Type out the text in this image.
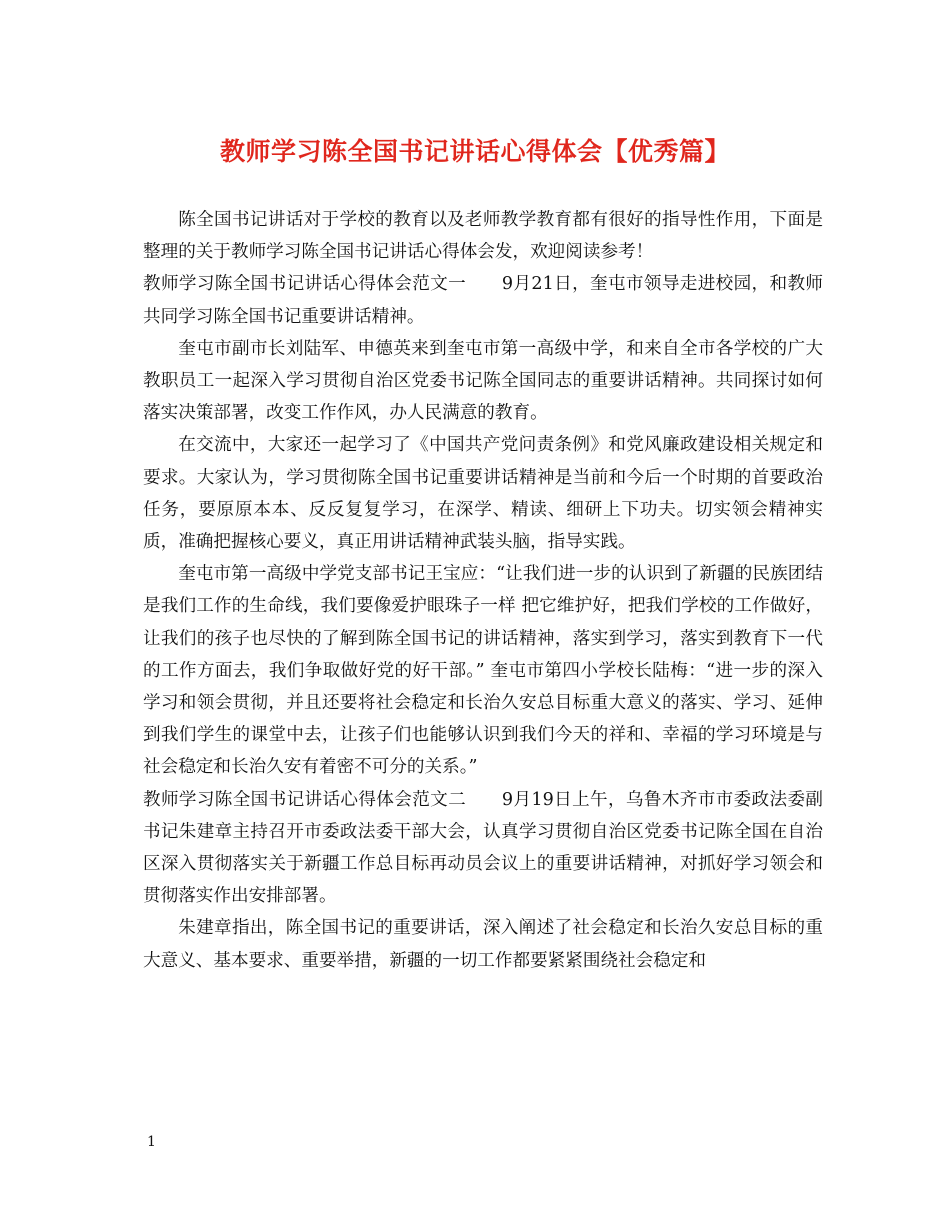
教师学习陈全国书记讲话心得体会【优秀篇】

陈全国书记讲话对于学校的教育以及老师教学教育都有很好的指导性作用，下面是整理的关于教师学习陈全国书记讲话心得体会发，欢迎阅读参考！

教师学习陈全国书记讲话心得体会范文一　　9月21日，奎屯市领导走进校园，和教师共同学习陈全国书记重要讲话精神。

奎屯市副市长刘陆军、申德英来到奎屯市第一高级中学，和来自全市各学校的广大教职员工一起深入学习贯彻自治区党委书记陈全国同志的重要讲话精神。共同探讨如何落实决策部署，改变工作作风，办人民满意的教育。

在交流中，大家还一起学习了《中国共产党问责条例》和党风廉政建设相关规定和要求。大家认为，学习贯彻陈全国书记重要讲话精神是当前和今后一个时期的首要政治任务，要原原本本、反反复复学习，在深学、精读、细研上下功夫。切实领会精神实质，准确把握核心要义，真正用讲话精神武装头脑，指导实践。

奎屯市第一高级中学党支部书记王宝应：“让我们进一步的认识到了新疆的民族团结是我们工作的生命线，我们要像爱护眼珠子一样 把它维护好，把我们学校的工作做好，让我们的孩子也尽快的了解到陈全国书记的讲话精神，落实到学习，落实到教育下一代的工作方面去，我们争取做好党的好干部。” 奎屯市第四小学校长陆梅：“进一步的深入学习和领会贯彻，并且还要将社会稳定和长治久安总目标重大意义的落实、学习、延伸到我们学生的课堂中去，让孩子们也能够认识到我们今天的祥和、幸福的学习环境是与社会稳定和长治久安有着密不可分的关系。”

教师学习陈全国书记讲话心得体会范文二　　9月19日上午，乌鲁木齐市市委政法委副书记朱建章主持召开市委政法委干部大会，认真学习贯彻自治区党委书记陈全国在自治区深入贯彻落实关于新疆工作总目标再动员会议上的重要讲话精神，对抓好学习领会和贯彻落实作出安排部署。

朱建章指出，陈全国书记的重要讲话，深入阐述了社会稳定和长治久安总目标的重大意义、基本要求、重要举措，新疆的一切工作都要紧紧围绕社会稳定和

1
